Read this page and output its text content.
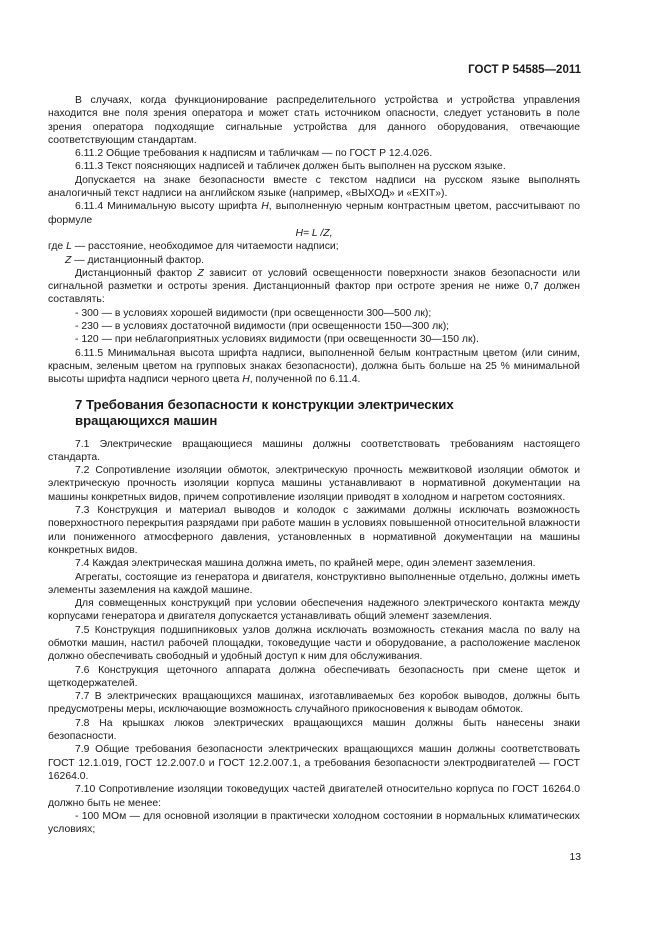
ГОСТ Р 54585—2011

В случаях, когда функционирование распределительного устройства и устройства управления находится вне поля зрения оператора и может стать источником опасности, следует установить в поле зрения оператора подходящие сигнальные устройства для данного оборудования, отвечающие соответствующим стандартам.

6.11.2 Общие требования к надписям и табличкам — по ГОСТ Р 12.4.026.

6.11.3 Текст поясняющих надписей и табличек должен быть выполнен на русском языке.

Допускается на знаке безопасности вместе с текстом надписи на русском языке выполнять аналогичный текст надписи на английском языке (например, «ВЫХОД» и «EXIT»).

6.11.4 Минимальную высоту шрифта H, выполненную черным контрастным цветом, рассчитывают по формуле

H= L /Z,

где L — расстояние, необходимое для читаемости надписи;

Z — дистанционный фактор.

Дистанционный фактор Z зависит от условий освещенности поверхности знаков безопасности или сигнальной разметки и остроты зрения. Дистанционный фактор при остроте зрения не ниже 0,7 должен составлять:

- 300 — в условиях хорошей видимости (при освещенности 300—500 лк);

- 230 — в условиях достаточной видимости (при освещенности 150—300 лк);

- 120 — при неблагоприятных условиях видимости (при освещенности 30—150 лк).

6.11.5 Минимальная высота шрифта надписи, выполненной белым контрастным цветом (или синим, красным, зеленым цветом на групповых знаках безопасности), должна быть больше на 25 % минимальной высоты шрифта надписи черного цвета H, полученной по 6.11.4.

7 Требования безопасности к конструкции электрических вращающихся машин

7.1 Электрические вращающиеся машины должны соответствовать требованиям настоящего стандарта.

7.2 Сопротивление изоляции обмоток, электрическую прочность межвитковой изоляции обмоток и электрическую прочность изоляции корпуса машины устанавливают в нормативной документации на машины конкретных видов, причем сопротивление изоляции приводят в холодном и нагретом состояниях.

7.3 Конструкция и материал выводов и колодок с зажимами должны исключать возможность поверхностного перекрытия разрядами при работе машин в условиях повышенной относительной влажности или пониженного атмосферного давления, установленных в нормативной документации на машины конкретных видов.

7.4 Каждая электрическая машина должна иметь, по крайней мере, один элемент заземления.

Агрегаты, состоящие из генератора и двигателя, конструктивно выполненные отдельно, должны иметь элементы заземления на каждой машине.

Для совмещенных конструкций при условии обеспечения надежного электрического контакта между корпусами генератора и двигателя допускается устанавливать общий элемент заземления.

7.5 Конструкция подшипниковых узлов должна исключать возможность стекания масла по валу на обмотки машин, настил рабочей площадки, токоведущие части и оборудование, а расположение масленок должно обеспечивать свободный и удобный доступ к ним для обслуживания.

7.6 Конструкция щеточного аппарата должна обеспечивать безопасность при смене щеток и щеткодержателей.

7.7 В электрических вращающихся машинах, изготавливаемых без коробок выводов, должны быть предусмотрены меры, исключающие возможность случайного прикосновения к выводам обмоток.

7.8 На крышках люков электрических вращающихся машин должны быть нанесены знаки безопасности.

7.9 Общие требования безопасности электрических вращающихся машин должны соответствовать ГОСТ 12.1.019, ГОСТ 12.2.007.0 и ГОСТ 12.2.007.1, а требования безопасности электродвигателей — ГОСТ 16264.0.

7.10 Сопротивление изоляции токоведущих частей двигателей относительно корпуса по ГОСТ 16264.0 должно быть не менее:

- 100 МОм — для основной изоляции в практически холодном состоянии в нормальных климатических условиях;

13
